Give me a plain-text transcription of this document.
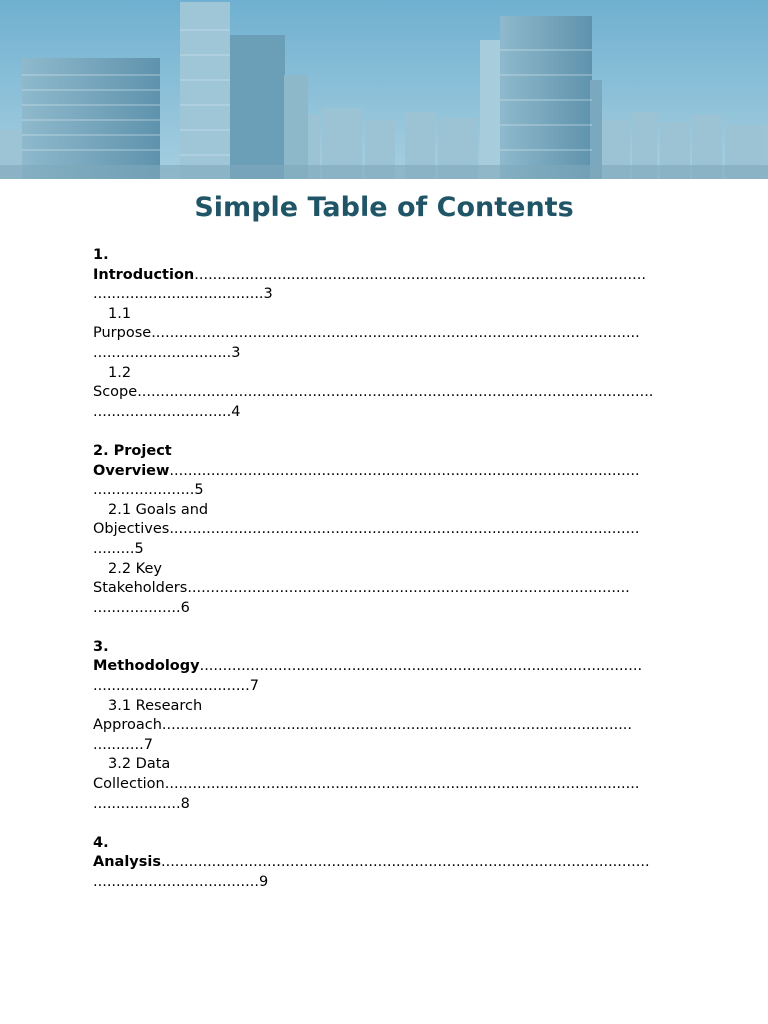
Simple Table of Contents
1.
Introduction..................................................................................................
.....................................3
1.1
Purpose..........................................................................................................
..............................3
1.2
Scope................................................................................................................
..............................4
2. Project
Overview......................................................................................................
......................5
2.1 Goals and
Objectives......................................................................................................
.........5
2.2 Key
Stakeholders................................................................................................
...................6
3.
Methodology................................................................................................
..................................7
3.1 Research
Approach......................................................................................................
...........7
3.2 Data
Collection.......................................................................................................
...................8
4.
Analysis..........................................................................................................
....................................9
